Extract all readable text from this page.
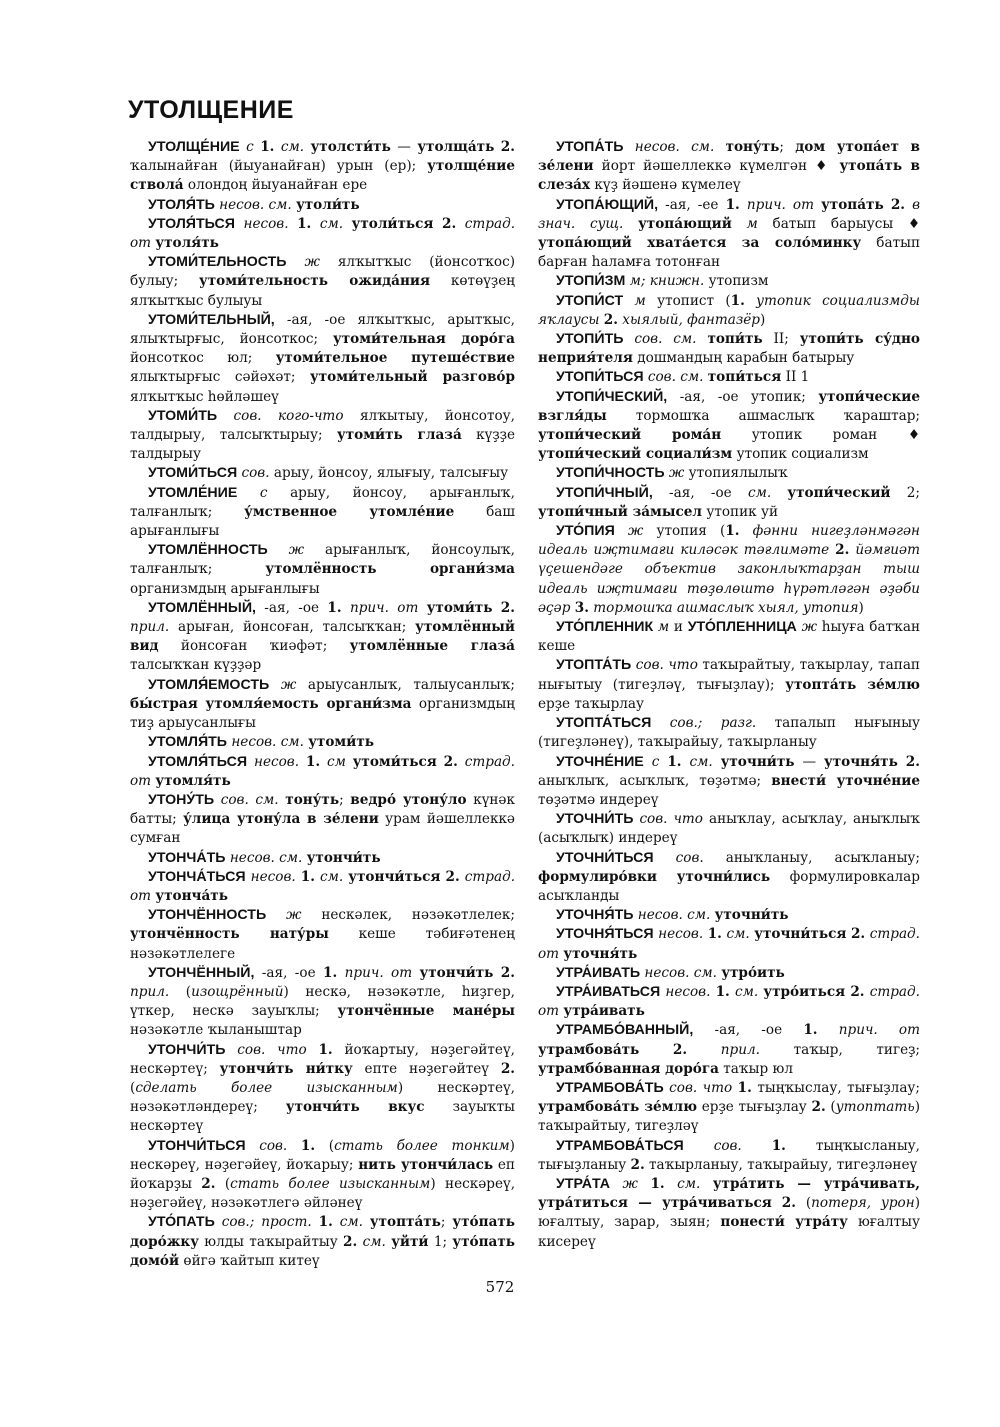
УТОЛЩЕНИЕ

УТОЛЩЕ́НИЕ с 1. см. утолсти́ть — утолща́ть 2. ҡалынайған (йыуанайған) урын (ер); утолще́ние ствола́ олондоң йыуанайған ере

УТОЛЯ́ТЬ несов. см. утоли́ть

УТОЛЯ́ТЬСЯ несов. 1. см. утоли́ться 2. страд. от утоля́ть

УТОМИ́ТЕЛЬНОСТЬ ж ялҡытҡыс (йонсотҡос) булыу; утоми́тельность ожида́ния көтөүҙең ялҡытҡыс булыуы

УТОМИ́ТЕЛЬНЫЙ, -ая, -ое ялҡытҡыс, арытҡыс, ялыҡтырғыс, йонсоткос; утоми́тельная доро́га йонсоткос юл; утоми́тельное путеше́ствие ялыҡтырғыс сәйәхәт; утоми́тельный разгово́р ялҡытҡыс һөйләшеү

УТОМИ́ТЬ сов. кого-что ялҡытыу, йонсотоу, талдырыу, талсыҡтырыу; утоми́ть глаза́ күҙҙе талдырыу

УТОМИ́ТЬСЯ сов. арыу, йонсоу, ялығыу, талсығыу

УТОМЛЕ́НИЕ с арыу, йонсоу, арығанлыҡ, талғанлыҡ; у́мственное утомле́ние баш арығанлығы

УТОМЛЁННОСТЬ ж арығанлыҡ, йонсоулыҡ, талғанлыҡ; утомлённость органи́зма организмдың арығанлығы

УТОМЛЁННЫЙ, -ая, -ое 1. прич. от утоми́ть 2. прил. арыған, йонсоған, талсыҡҡан; утомлённый вид йонсоған ҡиәфәт; утомлённые глаза́ талсыҡҡан күҙҙәр

УТОМЛЯ́ЕМОСТЬ ж арыусанлыҡ, талыусанлыҡ; бы́страя утомля́емость органи́зма организмдың тиҙ арыусанлығы

УТОМЛЯ́ТЬ несов. см. утоми́ть

УТОМЛЯ́ТЬСЯ несов. 1. см утоми́ться 2. страд. от утомля́ть

УТОНУ́ТЬ сов. см. тону́ть; ведро́ утону́ло күнәк батты; у́лица утону́ла в зе́лени урам йәшеллеккә сумған

УТОНЧА́ТЬ несов. см. утончи́ть

УТОНЧА́ТЬСЯ несов. 1. см. утончи́ться 2. страд. от утонча́ть

УТОНЧЁННОСТЬ ж нескәлек, нәзәкәтлелек; утончённость нату́ры кеше тәбиғәтенең нәзәкәтлелеге

УТОНЧЁННЫЙ, -ая, -ое 1. прич. от утончи́ть 2. прил. (изощрённый) нескә, нәзәкәтле, һиҙгер, үткер, нескә зауыҡлы; утончённые мане́ры нәзәкәтле ҡыланыштар

УТОНЧИ́ТЬ сов. что 1. йоҡартыу, нәҙегәйтеү, нескәртеү; утончи́ть ни́тку епте нәҙегәйтеү 2. (сделать более изысканным) нескәртеү, нәзәкәтләндереү; утончи́ть вкус зауыҡты нескәртеү

УТОНЧИ́ТЬСЯ сов. 1. (стать более тонким) нескәреү, нәҙегәйеү, йоҡарыу; нить утончи́лась еп йоҡарҙы 2. (стать более изысканным) нескәреү, нәҙегәйеү, нәзәкәтлегә әйләнеү

УТО́ПАТЬ сов.; прост. 1. см. утопта́ть; уто́пать доро́жку юлды таҡырайтыу 2. см. уйти́ 1; уто́пать домо́й өйгә ҡайтып китеү

УТОПА́ТЬ несов. см. тону́ть; дом утопа́ет в зе́лени йорт йәшеллеккә күмелгән ♦ утопа́ть в слеза́х күҙ йәшенә күмелеү

УТОПА́ЮЩИЙ, -ая, -ее 1. прич. от утопа́ть 2. в знач. сущ. утопа́ющий м батып барыусы ♦ утопа́ющий хвата́ется за соло́минку батып барған һаламға тотонған

УТОПИ́ЗМ м; книжн. утопизм

УТОПИ́СТ м утопист (1. утопик социализмды яҡлаусы 2. хыялый, фантазёр)

УТОПИ́ТЬ сов. см. топи́ть II; утопи́ть су́дно неприя́теля дошмандың карабын батырыу

УТОПИ́ТЬСЯ сов. см. топи́ться II 1

УТОПИ́ЧЕСКИЙ, -ая, -ое утопик; утопи́ческие взгля́ды тормошҡа ашмаслыҡ ҡараштар; утопи́ческий рома́н утопик роман ♦ утопи́ческий социали́зм утопик социализм

УТОПИ́ЧНОСТЬ ж утопиялылыҡ

УТОПИ́ЧНЫЙ, -ая, -ое см. утопи́ческий 2; утопи́чный за́мысел утопик уй

УТО́ПИЯ ж утопия (1. фәнни нигеҙләнмәгән идеаль иҗтимағи киләсәк тәғлимәте 2. йәмғиәт үҫешендәге объектив законлыҡтарҙан тыш идеаль иҗтимағи төҙөлөштө һүрәтләгән әҙәби әҫәр 3. тормошҡа ашмаслыҡ хыял, утопия)

УТО́ПЛЕННИК м и УТО́ПЛЕННИЦА ж һыуға батҡан кеше

УТОПТА́ТЬ сов. что таҡырайтыу, таҡырлау, тапап нығытыу (тигеҙләү, тығыҙлау); утопта́ть зе́млю ерҙе таҡырлау

УТОПТА́ТЬСЯ сов.; разг. тапалып нығыныу (тигеҙләнеү), таҡырайыу, таҡырланыу

УТОЧНЕ́НИЕ с 1. см. уточни́ть — уточня́ть 2. аныҡлыҡ, асыҡлыҡ, төҙәтмә; внести́ уточне́ние төҙәтмә индереү

УТОЧНИ́ТЬ сов. что аныҡлау, асыҡлау, аныҡлыҡ (асыҡлыҡ) индереү

УТОЧНИ́ТЬСЯ сов. аныҡланыу, асыҡланыу; формулиро́вки уточни́лись формулировкалар асыҡланды

УТОЧНЯ́ТЬ несов. см. уточни́ть

УТОЧНЯ́ТЬСЯ несов. 1. см. уточни́ться 2. страд. от уточня́ть

УТРА́ИВАТЬ несов. см. утро́ить

УТРА́ИВАТЬСЯ несов. 1. см. утро́иться 2. страд. от утра́ивать

УТРАМБО́ВАННЫЙ, -ая, -ое 1. прич. от утрамбова́ть 2. прил. таҡыр, тигеҙ; утрамбо́ванная доро́га таҡыр юл

УТРАМБОВА́ТЬ сов. что 1. тыңҡыслау, тығыҙлау; утрамбова́ть зе́млю ерҙе тығыҙлау 2. (утоптать) таҡырайтыу, тигеҙләү

УТРАМБОВА́ТЬСЯ сов. 1. тыңҡысланыу, тығыҙланыу 2. таҡырланыу, таҡырайыу, тигеҙләнеү

УТРА́ТА ж 1. см. утра́тить — утра́чивать, утра́титься — утра́чиваться 2. (потеря, урон) юғалтыу, зарар, зыян; понести́ утра́ту юғалтыу кисереү

572
